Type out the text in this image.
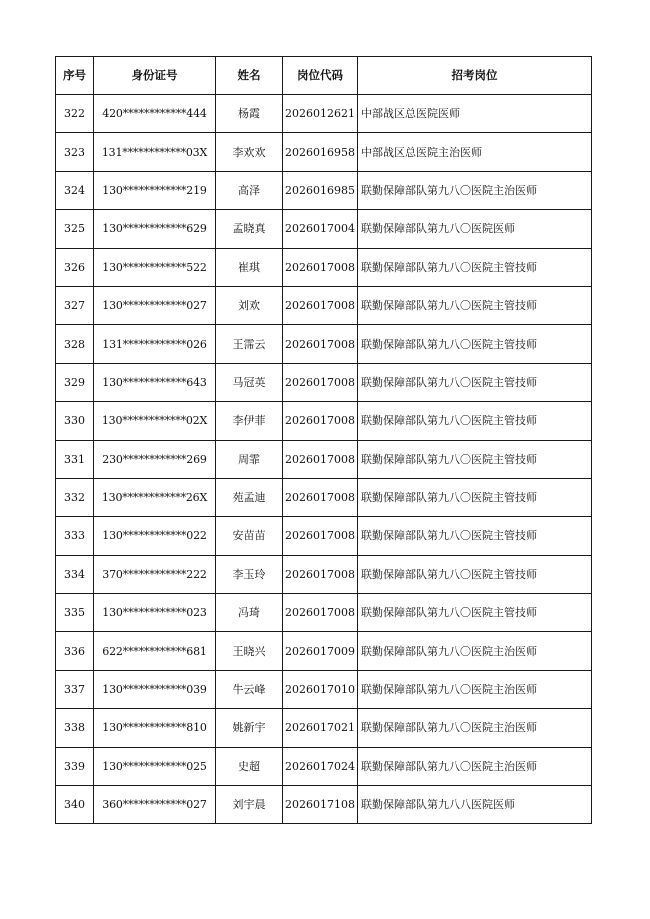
序号	身份证号	姓名	岗位代码	招考岗位
322	420************444	杨霞	2026012621	中部战区总医院医师
323	131************03X	李欢欢	2026016958	中部战区总医院主治医师
324	130************219	高泽	2026016985	联勤保障部队第九八〇医院主治医师
325	130************629	孟晓真	2026017004	联勤保障部队第九八〇医院医师
326	130************522	崔琪	2026017008	联勤保障部队第九八〇医院主管技师
327	130************027	刘欢	2026017008	联勤保障部队第九八〇医院主管技师
328	131************026	王霈云	2026017008	联勤保障部队第九八〇医院主管技师
329	130************643	马冠英	2026017008	联勤保障部队第九八〇医院主管技师
330	130************02X	李伊菲	2026017008	联勤保障部队第九八〇医院主管技师
331	230************269	周霏	2026017008	联勤保障部队第九八〇医院主管技师
332	130************26X	苑孟迪	2026017008	联勤保障部队第九八〇医院主管技师
333	130************022	安苗苗	2026017008	联勤保障部队第九八〇医院主管技师
334	370************222	李玉玲	2026017008	联勤保障部队第九八〇医院主管技师
335	130************023	冯琦	2026017008	联勤保障部队第九八〇医院主管技师
336	622************681	王晓兴	2026017009	联勤保障部队第九八〇医院主治医师
337	130************039	牛云峰	2026017010	联勤保障部队第九八〇医院主治医师
338	130************810	姚新宇	2026017021	联勤保障部队第九八〇医院主治医师
339	130************025	史超	2026017024	联勤保障部队第九八〇医院主治医师
340	360************027	刘宇晨	2026017108	联勤保障部队第九八八医院医师
